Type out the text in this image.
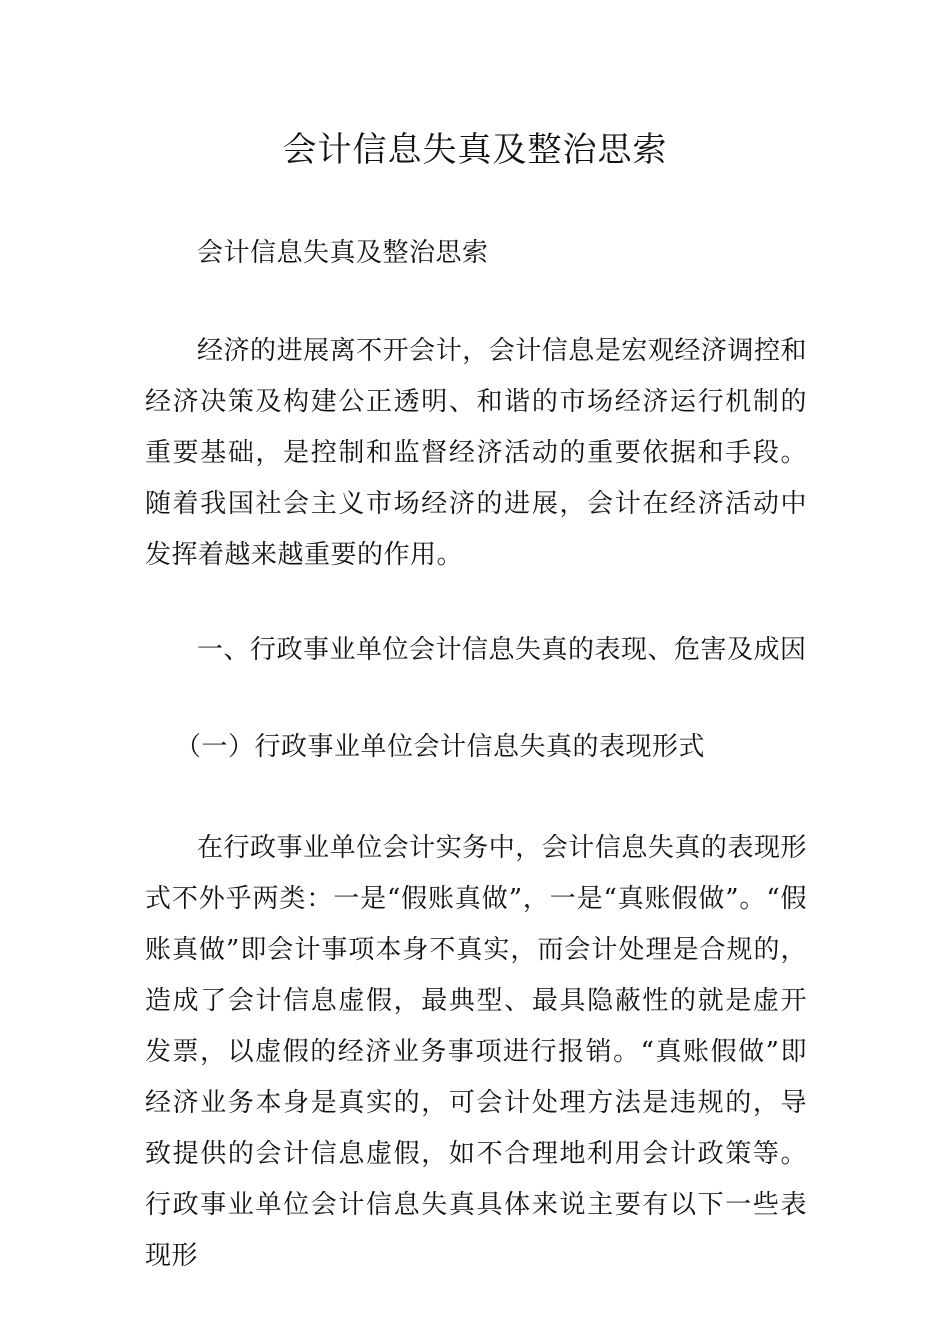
会计信息失真及整治思索

会计信息失真及整治思索

经济的进展离不开会计，会计信息是宏观经济调控和经济决策及构建公正透明、和谐的市场经济运行机制的重要基础，是控制和监督经济活动的重要依据和手段。随着我国社会主义市场经济的进展，会计在经济活动中发挥着越来越重要的作用。

一、行政事业单位会计信息失真的表现、危害及成因

（一）行政事业单位会计信息失真的表现形式

在行政事业单位会计实务中，会计信息失真的表现形式不外乎两类：一是“假账真做”，一是“真账假做”。“假账真做”即会计事项本身不真实，而会计处理是合规的，造成了会计信息虚假，最典型、最具隐蔽性的就是虚开发票，以虚假的经济业务事项进行报销。“真账假做”即经济业务本身是真实的，可会计处理方法是违规的，导致提供的会计信息虚假，如不合理地利用会计政策等。行政事业单位会计信息失真具体来说主要有以下一些表现形
